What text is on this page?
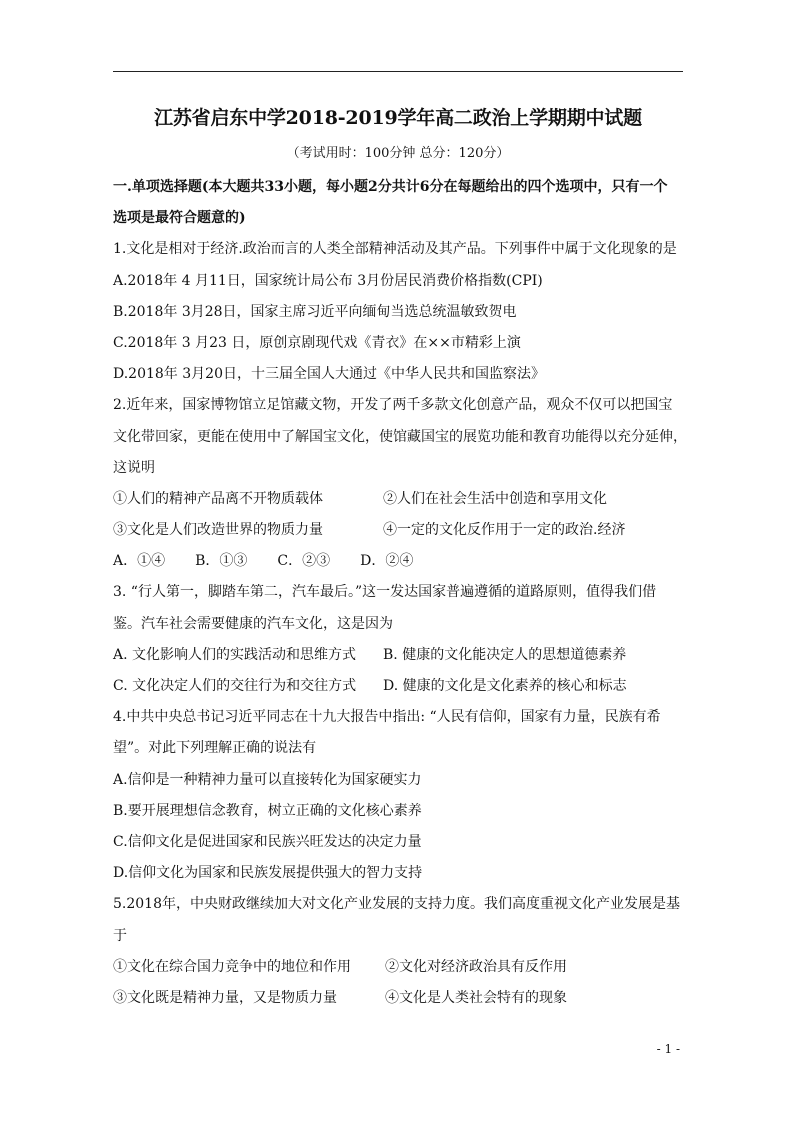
江苏省启东中学2018-2019学年高二政治上学期期中试题
（考试用时：100分钟 总分：120分）
一.单项选择题(本大题共33小题，每小题2分共计6分在每题给出的四个选项中，只有一个
选项是最符合题意的)
1.文化是相对于经济.政治而言的人类全部精神活动及其产品。下列事件中属于文化现象的是
A.2018年 4 月11日，国家统计局公布 3月份居民消费价格指数(CPI)
B.2018年 3月28日，国家主席习近平向缅甸当选总统温敏致贺电
C.2018年 3 月23 日，原创京剧现代戏《青衣》在××市精彩上演
D.2018年 3月20日，十三届全国人大通过《中华人民共和国监察法》
2.近年来，国家博物馆立足馆藏文物，开发了两千多款文化创意产品，观众不仅可以把国宝
文化带回家，更能在使用中了解国宝文化，使馆藏国宝的展览功能和教育功能得以充分延伸，
这说明
①人们的精神产品离不开物质载体	②人们在社会生活中创造和享用文化
③文化是人们改造世界的物质力量	④一定的文化反作用于一定的政治.经济
A．①④ B．①③ C．②③ D．②④
3. “行人第一，脚踏车第二，汽车最后。”这一发达国家普遍遵循的道路原则，值得我们借
鉴。汽车社会需要健康的汽车文化，这是因为
A. 文化影响人们的实践活动和思维方式	B. 健康的文化能决定人的思想道德素养
C. 文化决定人们的交往行为和交往方式	D. 健康的文化是文化素养的核心和标志
4.中共中央总书记习近平同志在十九大报告中指出: “人民有信仰，国家有力量，民族有希
望”。对此下列理解正确的说法有
A.信仰是一种精神力量可以直接转化为国家硬实力
B.要开展理想信念教育，树立正确的文化核心素养
C.信仰文化是促进国家和民族兴旺发达的决定力量
D.信仰文化为国家和民族发展提供强大的智力支持
5.2018年，中央财政继续加大对文化产业发展的支持力度。我们高度重视文化产业发展是基
于
①文化在综合国力竞争中的地位和作用	②文化对经济政治具有反作用
③文化既是精神力量，又是物质力量	④文化是人类社会特有的现象
- 1 -
